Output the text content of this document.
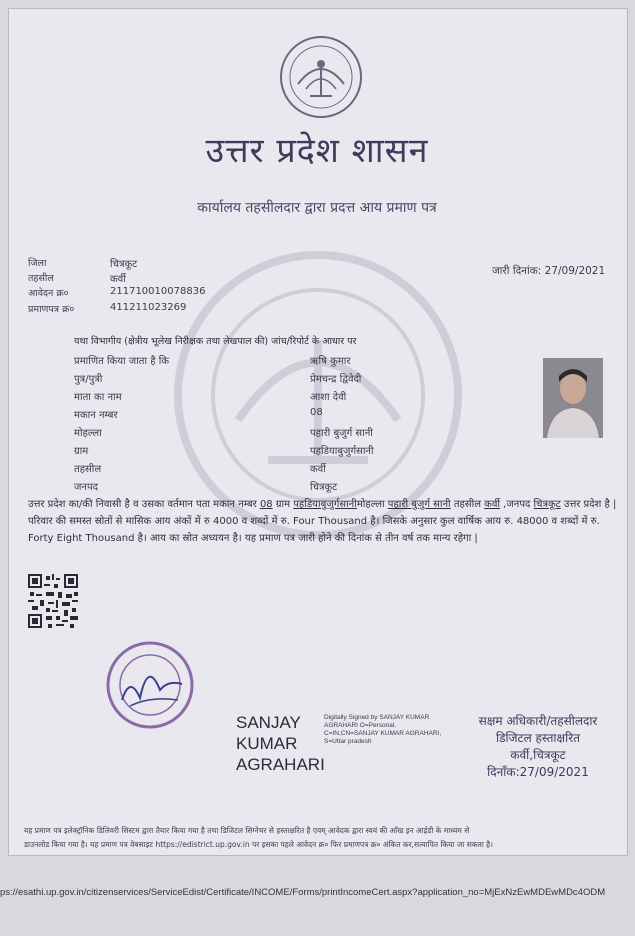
उत्तर प्रदेश शासन
कार्यालय तहसीलदार द्वारा प्रदत्त आय प्रमाण पत्र
जिला	चित्रकूट
तहसील	कर्वी
आवेदन क्र०	211710010078836
प्रमाणपत्र क्र०	411211023269
जारी दिनांक: 27/09/2021
यथा विभागीय (क्षेत्रीय भूलेख निरीक्षक तथा लेखपाल की) जांच/रिपोर्ट के आधार पर
प्रमाणित किया जाता है कि	ऋषि कुमार
पुत्र/पुत्री	प्रेमचन्द्र द्विवेदी
माता का नाम	आशा देवी
मकान नम्बर	08
मोहल्ला	पहारी बुजुर्ग सानी
ग्राम	पहडियाबुजुर्गसानी
तहसील	कर्वी
जनपद	चित्रकूट
उत्तर प्रदेश का/की निवासी है व उसका वर्तमान पता मकान नम्बर 08 ग्राम पहडियाबुजुर्गसानीमोहल्ला पहारी बुजुर्ग सानी तहसील कर्वी ,जनपद चित्रकूट उत्तर प्रदेश है | परिवार की समस्त स्रोतों से मासिक आय अंकों में रु 4000 व शब्दों में रु. Four Thousand है। जिसके अनुसार कुल वार्षिक आय रु. 48000 व शब्दों में रु. Forty Eight Thousand है। आय का स्रोत अध्ययन है। यह प्रमाण पत्र जारी होने की दिनांक से तीन वर्ष तक मान्य रहेगा |
SANJAY KUMAR AGRAHARI
Digitally Signed by SANJAY KUMAR AGRAHARI O=Personal, C=IN,CN=SANJAY KUMAR AGRAHARI, S=Uttar pradesh
सक्षम अधिकारी/तहसीलदार
डिजिटल हस्ताक्षरित
कर्वी,चित्रकूट
दिनाँक:27/09/2021
यह प्रमाण पत्र इलेक्ट्रॉनिक डिलिवरी सिस्टम द्वारा तैयार किया गया है तथा डिजिटल सिग्नेचर से हस्ताक्षरित है एवम् आवेदक द्वारा स्वयं की आँख इन आईडी के माध्यम से
डाउनलोड किया गया है। यह प्रमाण पत्र वेबसाइट https://edistrict.up.gov.in पर इसका पहले आवेदन क्र० फिर प्रमाणपत्र क्र० अंकित कर,सत्यापित किया जा सकता है।
ps://esathi.up.gov.in/citizenservices/ServiceEdist/Certificate/INCOME/Forms/printIncomeCert.aspx?application_no=MjExNzEwMDEwMDc4ODM
